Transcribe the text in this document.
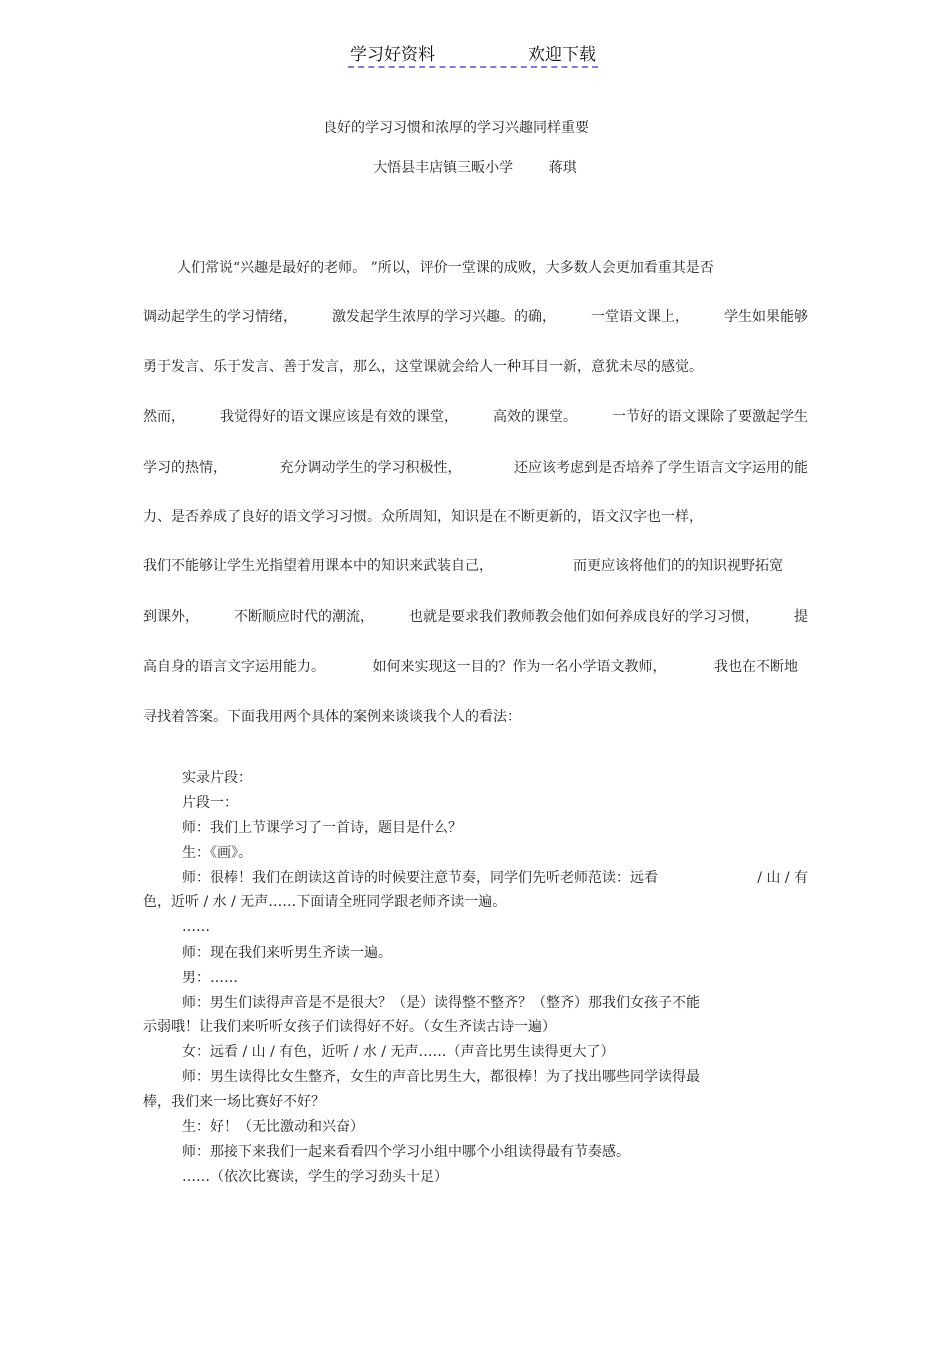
学习好资料	欢迎下载
良好的学习习惯和浓厚的学习兴趣同样重要
大悟县丰店镇三畈小学        蒋琪
人们常说“兴趣是最好的老师。 ”所以，评价一堂课的成败，大多数人会更加看重其是否
调动起学生的学习情绪，	激发起学生浓厚的学习兴趣。的确，	一堂语文课上，	学生如果能够
勇于发言、乐于发言、善于发言，那么，这堂课就会给人一种耳目一新，意犹未尽的感觉。
然而，	我觉得好的语文课应该是有效的课堂，	高效的课堂。	一节好的语文课除了要激起学生
学习的热情，	充分调动学生的学习积极性，	还应该考虑到是否培养了学生语言文字运用的能
力、是否养成了良好的语文学习习惯。众所周知，知识是在不断更新的，语文汉字也一样，
我们不能够让学生光指望着用课本中的知识来武装自己，	而更应该将他们的的知识视野拓宽
到课外，	不断顺应时代的潮流，	也就是要求我们教师教会他们如何养成良好的学习习惯，	提
高自身的语言文字运用能力。	如何来实现这一目的？作为一名小学语文教师，	我也在不断地
寻找着答案。下面我用两个具体的案例来谈谈我个人的看法：
实录片段：
片段一：
师：我们上节课学习了一首诗，题目是什么？
生：《画》。
师：很棒！我们在朗读这首诗的时候要注意节奏，同学们先听老师范读：远看	/ 山 / 有
色，近听 / 水 / 无声……下面请全班同学跟老师齐读一遍。
……
师：现在我们来听男生齐读一遍。
男：……
师：男生们读得声音是不是很大？（是）读得整不整齐？（整齐）那我们女孩子不能
示弱哦！让我们来听听女孩子们读得好不好。（女生齐读古诗一遍）
女：远看 / 山 / 有色，近听 / 水 / 无声……（声音比男生读得更大了）
师：男生读得比女生整齐，女生的声音比男生大，都很棒！为了找出哪些同学读得最
棒，我们来一场比赛好不好？
生：好！（无比激动和兴奋）
师：那接下来我们一起来看看四个学习小组中哪个小组读得最有节奏感。
……（依次比赛读，学生的学习劲头十足）
